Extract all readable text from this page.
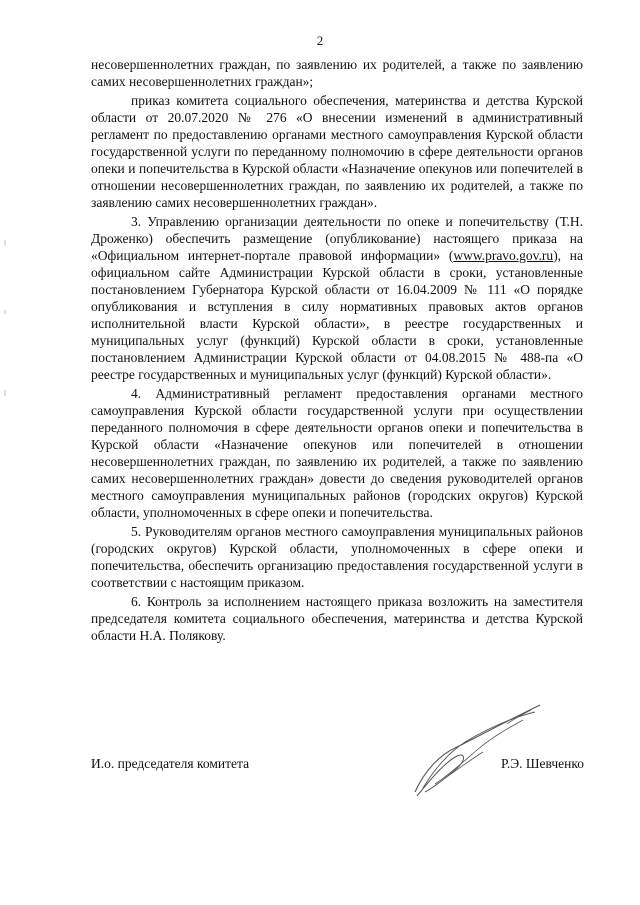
2

несовершеннолетних граждан, по заявлению их родителей, а также по заявлению самих несовершеннолетних граждан»;

приказ комитета социального обеспечения, материнства и детства Курской области от 20.07.2020 № 276 «О внесении изменений в административный регламент по предоставлению органами местного самоуправления Курской области государственной услуги по переданному полномочию в сфере деятельности органов опеки и попечительства в Курской области «Назначение опекунов или попечителей в отношении несовершеннолетних граждан, по заявлению их родителей, а также по заявлению самих несовершеннолетних граждан».

3. Управлению организации деятельности по опеке и попечительству (Т.Н. Дроженко) обеспечить размещение (опубликование) настоящего приказа на «Официальном интернет-портале правовой информации» (www.pravo.gov.ru), на официальном сайте Администрации Курской области в сроки, установленные постановлением Губернатора Курской области от 16.04.2009 № 111 «О порядке опубликования и вступления в силу нормативных правовых актов органов исполнительной власти Курской области», в реестре государственных и муниципальных услуг (функций) Курской области в сроки, установленные постановлением Администрации Курской области от 04.08.2015 № 488-па «О реестре государственных и муниципальных услуг (функций) Курской области».

4. Административный регламент предоставления органами местного самоуправления Курской области государственной услуги при осуществлении переданного полномочия в сфере деятельности органов опеки и попечительства в Курской области «Назначение опекунов или попечителей в отношении несовершеннолетних граждан, по заявлению их родителей, а также по заявлению самих несовершеннолетних граждан» довести до сведения руководителей органов местного самоуправления муниципальных районов (городских округов) Курской области, уполномоченных в сфере опеки и попечительства.

5. Руководителям органов местного самоуправления муниципальных районов (городских округов) Курской области, уполномоченных в сфере опеки и попечительства, обеспечить организацию предоставления государственной услуги в соответствии с настоящим приказом.

6. Контроль за исполнением настоящего приказа возложить на заместителя председателя комитета социального обеспечения, материнства и детства Курской области Н.А. Полякову.

И.о. председателя комитета	Р.Э. Шевченко
